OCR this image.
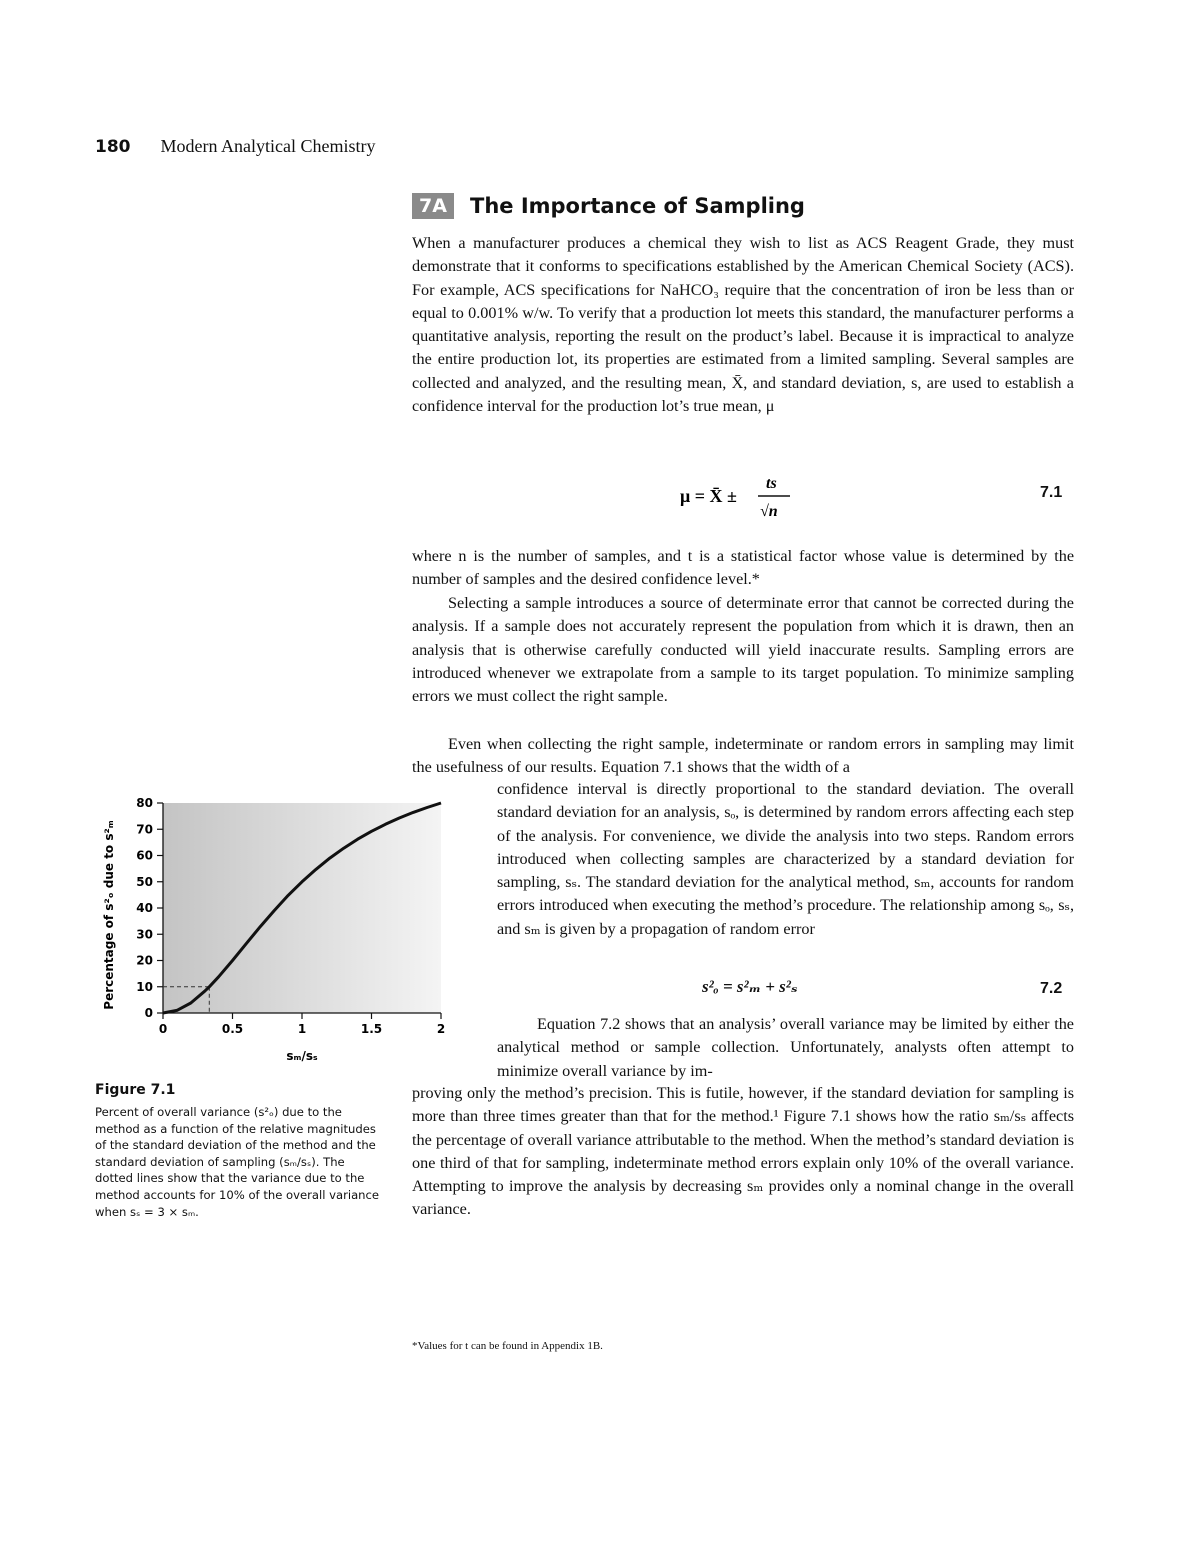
180 Modern Analytical Chemistry
7A The Importance of Sampling

When a manufacturer produces a chemical they wish to list as ACS Reagent Grade, they must demonstrate that it conforms to specifications established by the American Chemical Society (ACS). For example, ACS specifications for NaHCO₃ require that the concentration of iron be less than or equal to 0.001% w/w. To verify that a production lot meets this standard, the manufacturer performs a quantitative analysis, reporting the result on the product’s label. Because it is impractical to analyze the entire production lot, its properties are estimated from a limited sampling. Several samples are collected and analyzed, and the resulting mean, X̄, and standard deviation, s, are used to establish a confidence interval for the production lot’s true mean, μ

μ = X̄ ±
ts
√n
7.1

where n is the number of samples, and t is a statistical factor whose value is determined by the number of samples and the desired confidence level.*

Selecting a sample introduces a source of determinate error that cannot be corrected during the analysis. If a sample does not accurately represent the population from which it is drawn, then an analysis that is otherwise carefully conducted will yield inaccurate results. Sampling errors are introduced whenever we extrapolate from a sample to its target population. To minimize sampling errors we must collect the right sample.

Even when collecting the right sample, indeterminate or random errors in sampling may limit the usefulness of our results. Equation 7.1 shows that the width of a

confidence interval is directly proportional to the standard deviation. The overall standard deviation for an analysis, sₒ, is determined by random errors affecting each step of the analysis. For convenience, we divide the analysis into two steps. Random errors introduced when collecting samples are characterized by a standard deviation for sampling, sₛ. The standard deviation for the analytical method, sₘ, accounts for random errors introduced when executing the method’s procedure. The relationship among sₒ, sₛ, and sₘ is given by a propagation of random error

s²ₒ = s²ₘ + s²ₛ	7.2

Equation 7.2 shows that an analysis’ overall variance may be limited by either the analytical method or sample collection. Unfortunately, analysts often attempt to minimize overall variance by im-

proving only the method’s precision. This is futile, however, if the standard deviation for sampling is more than three times greater than that for the method.¹ Figure 7.1 shows how the ratio sₘ/sₛ affects the percentage of overall variance attributable to the method. When the method’s standard deviation is one third of that for sampling, indeterminate method errors explain only 10% of the overall variance. Attempting to improve the analysis by decreasing sₘ provides only a nominal change in the overall variance.

0
10
20
30
40
50
60
70
80
0	0.5	1	1.5	2
Percentage of s²ₒ due to s²ₘ
sₘ/sₛ
Figure 7.1
Percent of overall variance (s²ₒ) due to the method as a function of the relative magnitudes of the standard deviation of the method and the standard deviation of sampling (sₘ/sₛ). The dotted lines show that the variance due to the method accounts for 10% of the overall variance when sₛ = 3 × sₘ.
*Values for t can be found in Appendix 1B.
